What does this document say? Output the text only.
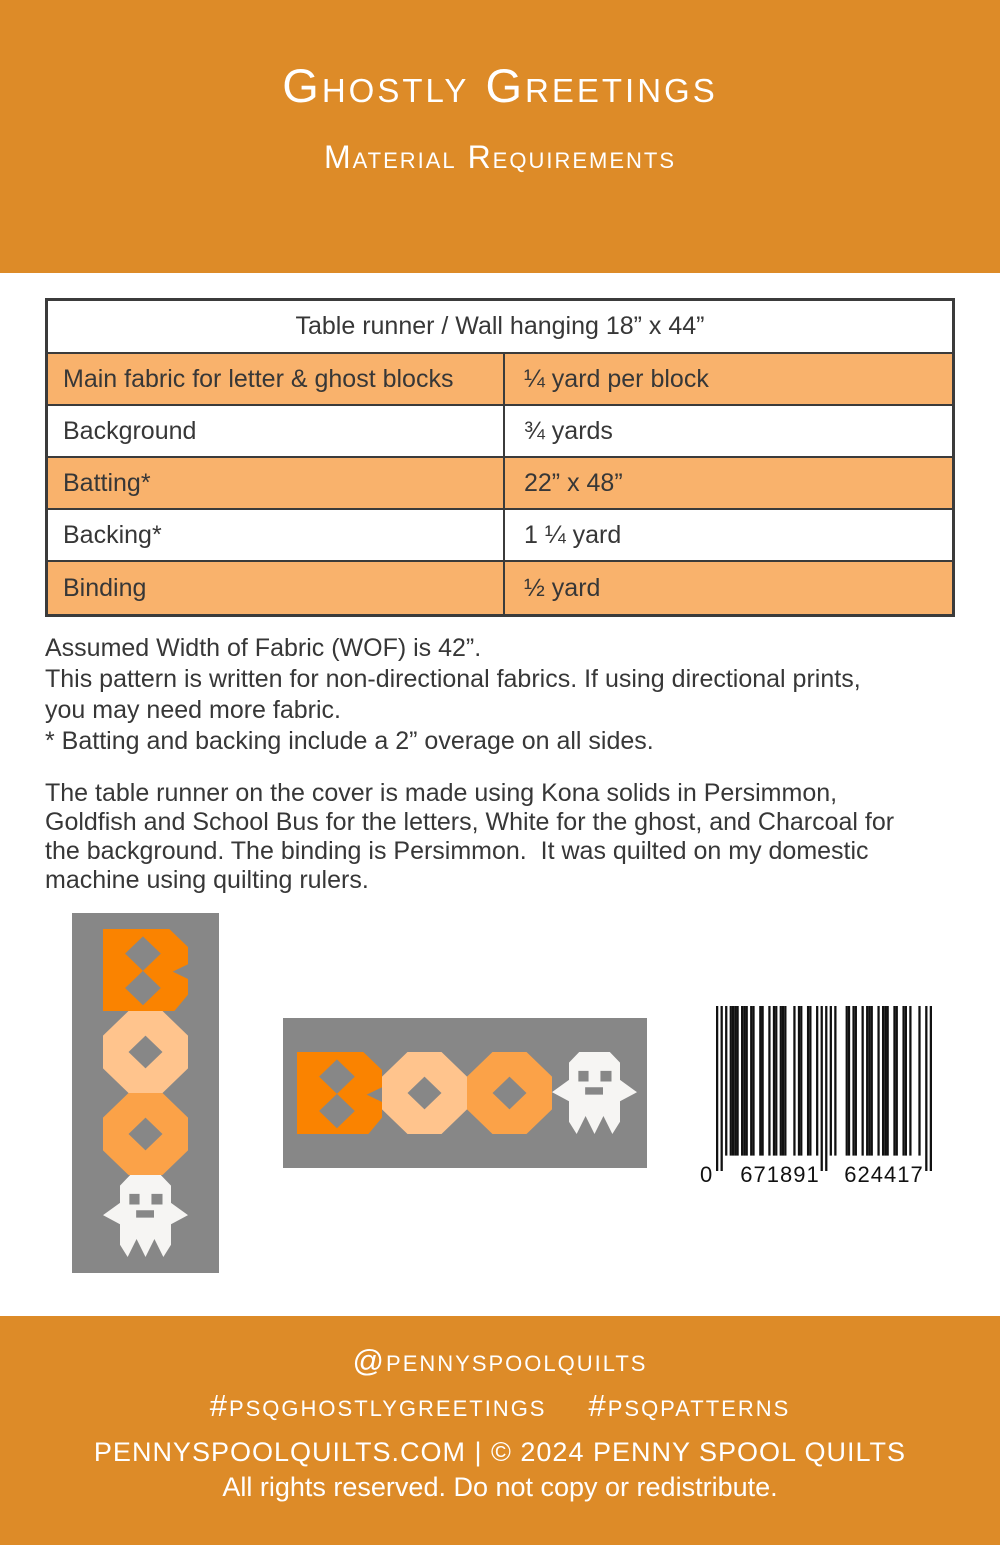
Ghostly Greetings
Material Requirements
Table runner / Wall hanging 18” x 44”
Main fabric for letter & ghost blocks	¼ yard per block
Background	¾ yards
Batting*	22” x 48”
Backing*	1 ¼ yard
Binding	½ yard
Assumed Width of Fabric (WOF) is 42”.
This pattern is written for non-directional fabrics. If using directional prints,
you may need more fabric.
* Batting and backing include a 2” overage on all sides.
The table runner on the cover is made using Kona solids in Persimmon,
Goldfish and School Bus for the letters, White for the ghost, and Charcoal for
the background. The binding is Persimmon.  It was quilted on my domestic
machine using quilting rulers.
0	671891	624417
@pennyspoolquilts
#psqghostlygreetings #psqpatterns
PENNYSPOOLQUILTS.COM | © 2024 PENNY SPOOL QUILTS
All rights reserved. Do not copy or redistribute.
